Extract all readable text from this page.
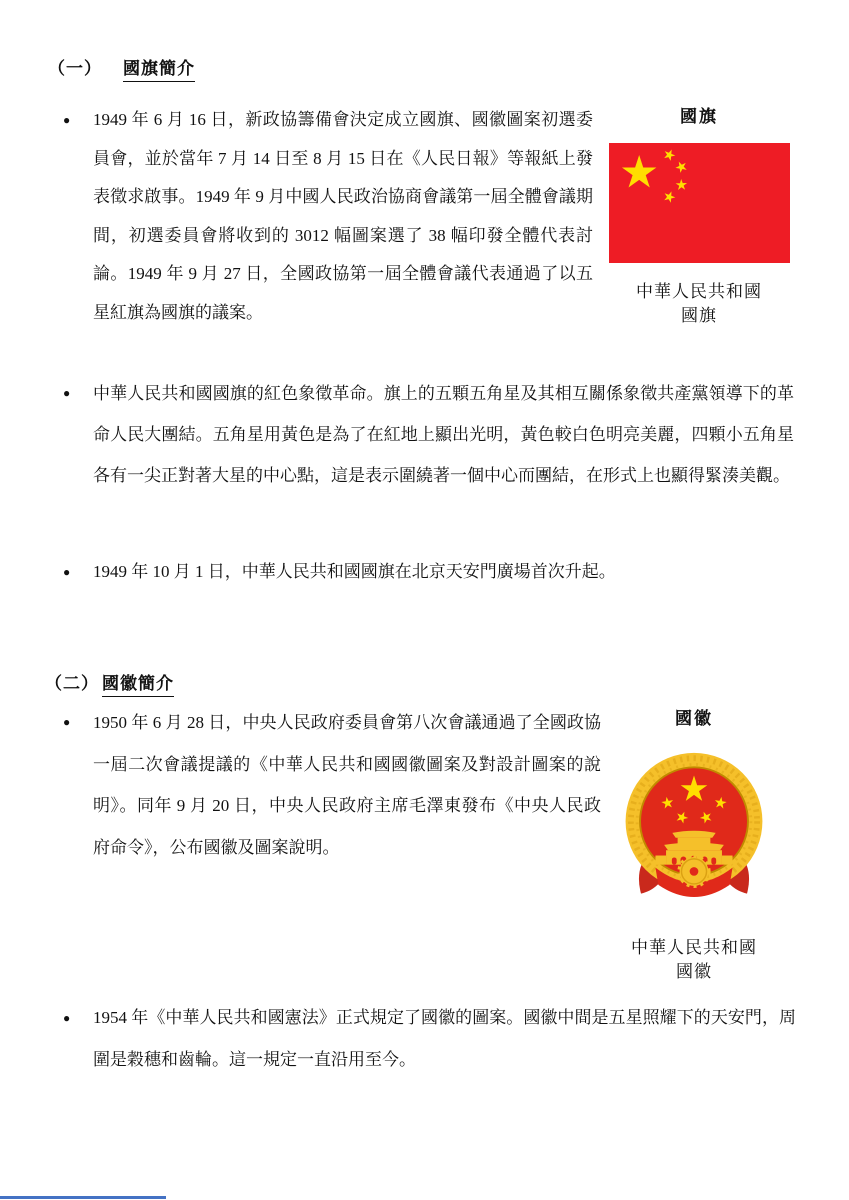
（一） 國旗簡介
● 1949 年 6 月 16 日，新政協籌備會決定成立國旗、國徽圖案初選委員會，並於當年 7 月 14 日至 8 月 15 日在《人民日報》等報紙上發表徵求啟事。1949 年 9 月中國人民政治協商會議第一屆全體會議期間，初選委員會將收到的 3012 幅圖案選了 38 幅印發全體代表討論。1949 年 9 月 27 日，全國政協第一屆全體會議代表通過了以五星紅旗為國旗的議案。
● 中華人民共和國國旗的紅色象徵革命。旗上的五顆五角星及其相互關係象徵共產黨領導下的革命人民大團結。五角星用黃色是為了在紅地上顯出光明，黃色較白色明亮美麗，四顆小五角星各有一尖正對著大星的中心點，這是表示圍繞著一個中心而團結，在形式上也顯得緊湊美觀。
● 1949 年 10 月 1 日，中華人民共和國國旗在北京天安門廣場首次升起。
國旗
中華人民共和國
國旗
（二） 國徽簡介
● 1950 年 6 月 28 日，中央人民政府委員會第八次會議通過了全國政協一屆二次會議提議的《中華人民共和國國徽圖案及對設計圖案的說明》。同年 9 月 20 日，中央人民政府主席毛澤東發布《中央人民政府命令》，公布國徽及圖案說明。
● 1954 年《中華人民共和國憲法》正式規定了國徽的圖案。國徽中間是五星照耀下的天安門，周圍是穀穗和齒輪。這一規定一直沿用至今。
國徽
中華人民共和國
國徽
